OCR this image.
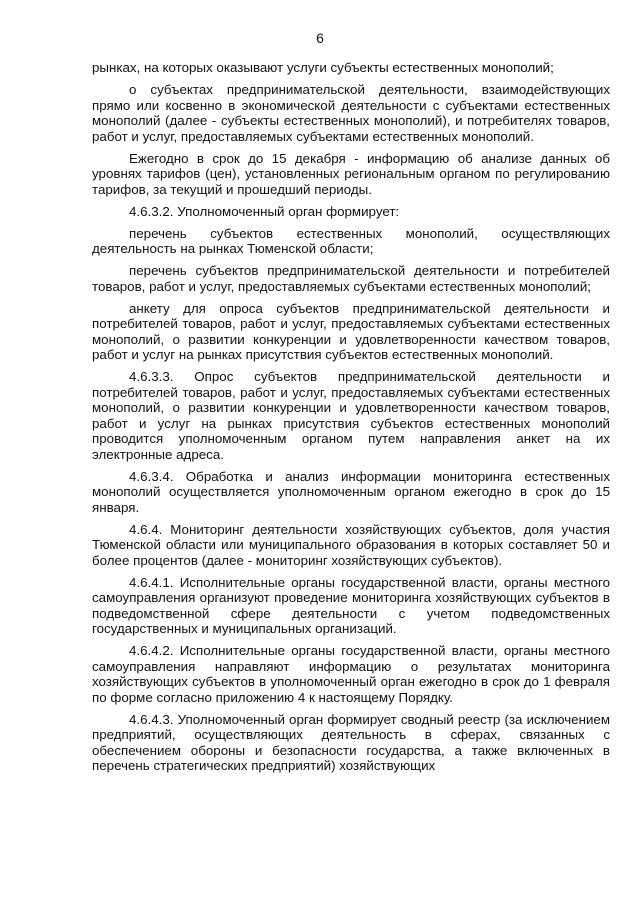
6

рынках, на которых оказывают услуги субъекты естественных монополий;

о субъектах предпринимательской деятельности, взаимодействующих прямо или косвенно в экономической деятельности с субъектами естественных монополий (далее - субъекты естественных монополий), и потребителях товаров, работ и услуг, предоставляемых субъектами естественных монополий.

Ежегодно в срок до 15 декабря - информацию об анализе данных об уровнях тарифов (цен), установленных региональным органом по регулированию тарифов, за текущий и прошедший периоды.

4.6.3.2. Уполномоченный орган формирует:

перечень субъектов естественных монополий, осуществляющих деятельность на рынках Тюменской области;

перечень субъектов предпринимательской деятельности и потребителей товаров, работ и услуг, предоставляемых субъектами естественных монополий;

анкету для опроса субъектов предпринимательской деятельности и потребителей товаров, работ и услуг, предоставляемых субъектами естественных монополий, о развитии конкуренции и удовлетворенности качеством товаров, работ и услуг на рынках присутствия субъектов естественных монополий.

4.6.3.3. Опрос субъектов предпринимательской деятельности и потребителей товаров, работ и услуг, предоставляемых субъектами естественных монополий, о развитии конкуренции и удовлетворенности качеством товаров, работ и услуг на рынках присутствия субъектов естественных монополий проводится уполномоченным органом путем направления анкет на их электронные адреса.

4.6.3.4. Обработка и анализ информации мониторинга естественных монополий осуществляется уполномоченным органом ежегодно в срок до 15 января.

4.6.4. Мониторинг деятельности хозяйствующих субъектов, доля участия Тюменской области или муниципального образования в которых составляет 50 и более процентов (далее - мониторинг хозяйствующих субъектов).

4.6.4.1. Исполнительные органы государственной власти, органы местного самоуправления организуют проведение мониторинга хозяйствующих субъектов в подведомственной сфере деятельности с учетом подведомственных государственных и муниципальных организаций.

4.6.4.2. Исполнительные органы государственной власти, органы местного самоуправления направляют информацию о результатах мониторинга хозяйствующих субъектов в уполномоченный орган ежегодно в срок до 1 февраля по форме согласно приложению 4 к настоящему Порядку.

4.6.4.3. Уполномоченный орган формирует сводный реестр (за исключением предприятий, осуществляющих деятельность в сферах, связанных с обеспечением обороны и безопасности государства, а также включенных в перечень стратегических предприятий) хозяйствующих
